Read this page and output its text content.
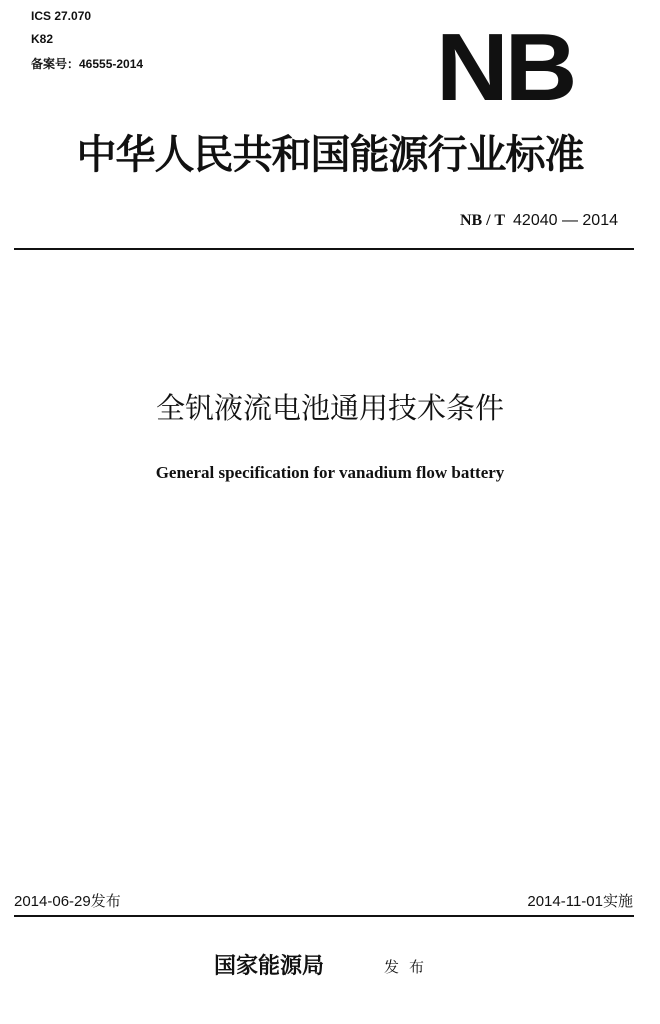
ICS 27.070
K82
备案号：46555-2014	NB
中华人民共和国能源行业标准
NB / T 42040 — 2014
全钒液流电池通用技术条件
General specification for vanadium flow battery
2014-06-29发布	2014-11-01实施
国家能源局	发布
